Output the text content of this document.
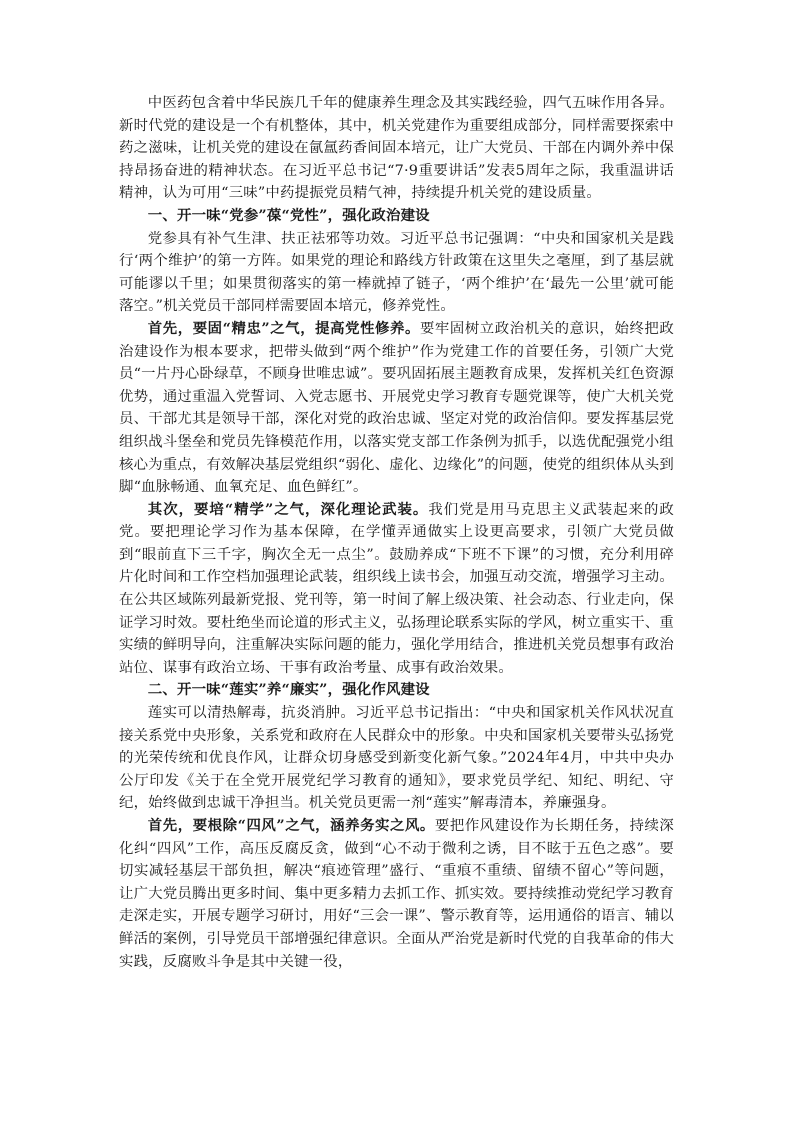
中医药包含着中华民族几千年的健康养生理念及其实践经验，四气五味作用各异。新时代党的建设是一个有机整体，其中，机关党建作为重要组成部分，同样需要探索中药之滋味，让机关党的建设在氤氲药香间固本培元，让广大党员、干部在内调外养中保持昂扬奋进的精神状态。在习近平总书记“7·9重要讲话”发表5周年之际，我重温讲话精神，认为可用“三味”中药提振党员精气神，持续提升机关党的建设质量。

一、开一味“党参”葆“党性”，强化政治建设

党参具有补气生津、扶正祛邪等功效。习近平总书记强调：“中央和国家机关是践行‘两个维护’的第一方阵。如果党的理论和路线方针政策在这里失之毫厘，到了基层就可能谬以千里；如果贯彻落实的第一棒就掉了链子，‘两个维护’在‘最先一公里’就可能落空。”机关党员干部同样需要固本培元，修养党性。

首先，要固“精忠”之气，提高党性修养。要牢固树立政治机关的意识，始终把政治建设作为根本要求，把带头做到“两个维护”作为党建工作的首要任务，引领广大党员“一片丹心卧绿草，不顾身世唯忠诚”。要巩固拓展主题教育成果，发挥机关红色资源优势，通过重温入党誓词、入党志愿书、开展党史学习教育专题党课等，使广大机关党员、干部尤其是领导干部，深化对党的政治忠诚、坚定对党的政治信仰。要发挥基层党组织战斗堡垒和党员先锋模范作用，以落实党支部工作条例为抓手，以选优配强党小组核心为重点，有效解决基层党组织“弱化、虚化、边缘化”的问题，使党的组织体从头到脚“血脉畅通、血氧充足、血色鲜红”。

其次，要培“精学”之气，深化理论武装。我们党是用马克思主义武装起来的政党。要把理论学习作为基本保障，在学懂弄通做实上设更高要求，引领广大党员做到“眼前直下三千字，胸次全无一点尘”。鼓励养成“下班不下课”的习惯，充分利用碎片化时间和工作空档加强理论武装，组织线上读书会，加强互动交流，增强学习主动。在公共区域陈列最新党报、党刊等，第一时间了解上级决策、社会动态、行业走向，保证学习时效。要杜绝坐而论道的形式主义，弘扬理论联系实际的学风，树立重实干、重实绩的鲜明导向，注重解决实际问题的能力，强化学用结合，推进机关党员想事有政治站位、谋事有政治立场、干事有政治考量、成事有政治效果。

二、开一味“莲实”养“廉实”，强化作风建设

莲实可以清热解毒，抗炎消肿。习近平总书记指出：“中央和国家机关作风状况直接关系党中央形象，关系党和政府在人民群众中的形象。中央和国家机关要带头弘扬党的光荣传统和优良作风，让群众切身感受到新变化新气象。”2024年4月，中共中央办公厅印发《关于在全党开展党纪学习教育的通知》，要求党员学纪、知纪、明纪、守纪，始终做到忠诚干净担当。机关党员更需一剂“莲实”解毒清本，养廉强身。

首先，要根除“四风”之气，涵养务实之风。要把作风建设作为长期任务，持续深化纠“四风”工作，高压反腐反贪，做到“心不动于微利之诱，目不眩于五色之惑”。要切实减轻基层干部负担，解决“痕迹管理”盛行、“重痕不重绩、留绩不留心”等问题，让广大党员腾出更多时间、集中更多精力去抓工作、抓实效。要持续推动党纪学习教育走深走实，开展专题学习研讨，用好“三会一课”、警示教育等，运用通俗的语言、辅以鲜活的案例，引导党员干部增强纪律意识。全面从严治党是新时代党的自我革命的伟大实践，反腐败斗争是其中关键一役，
